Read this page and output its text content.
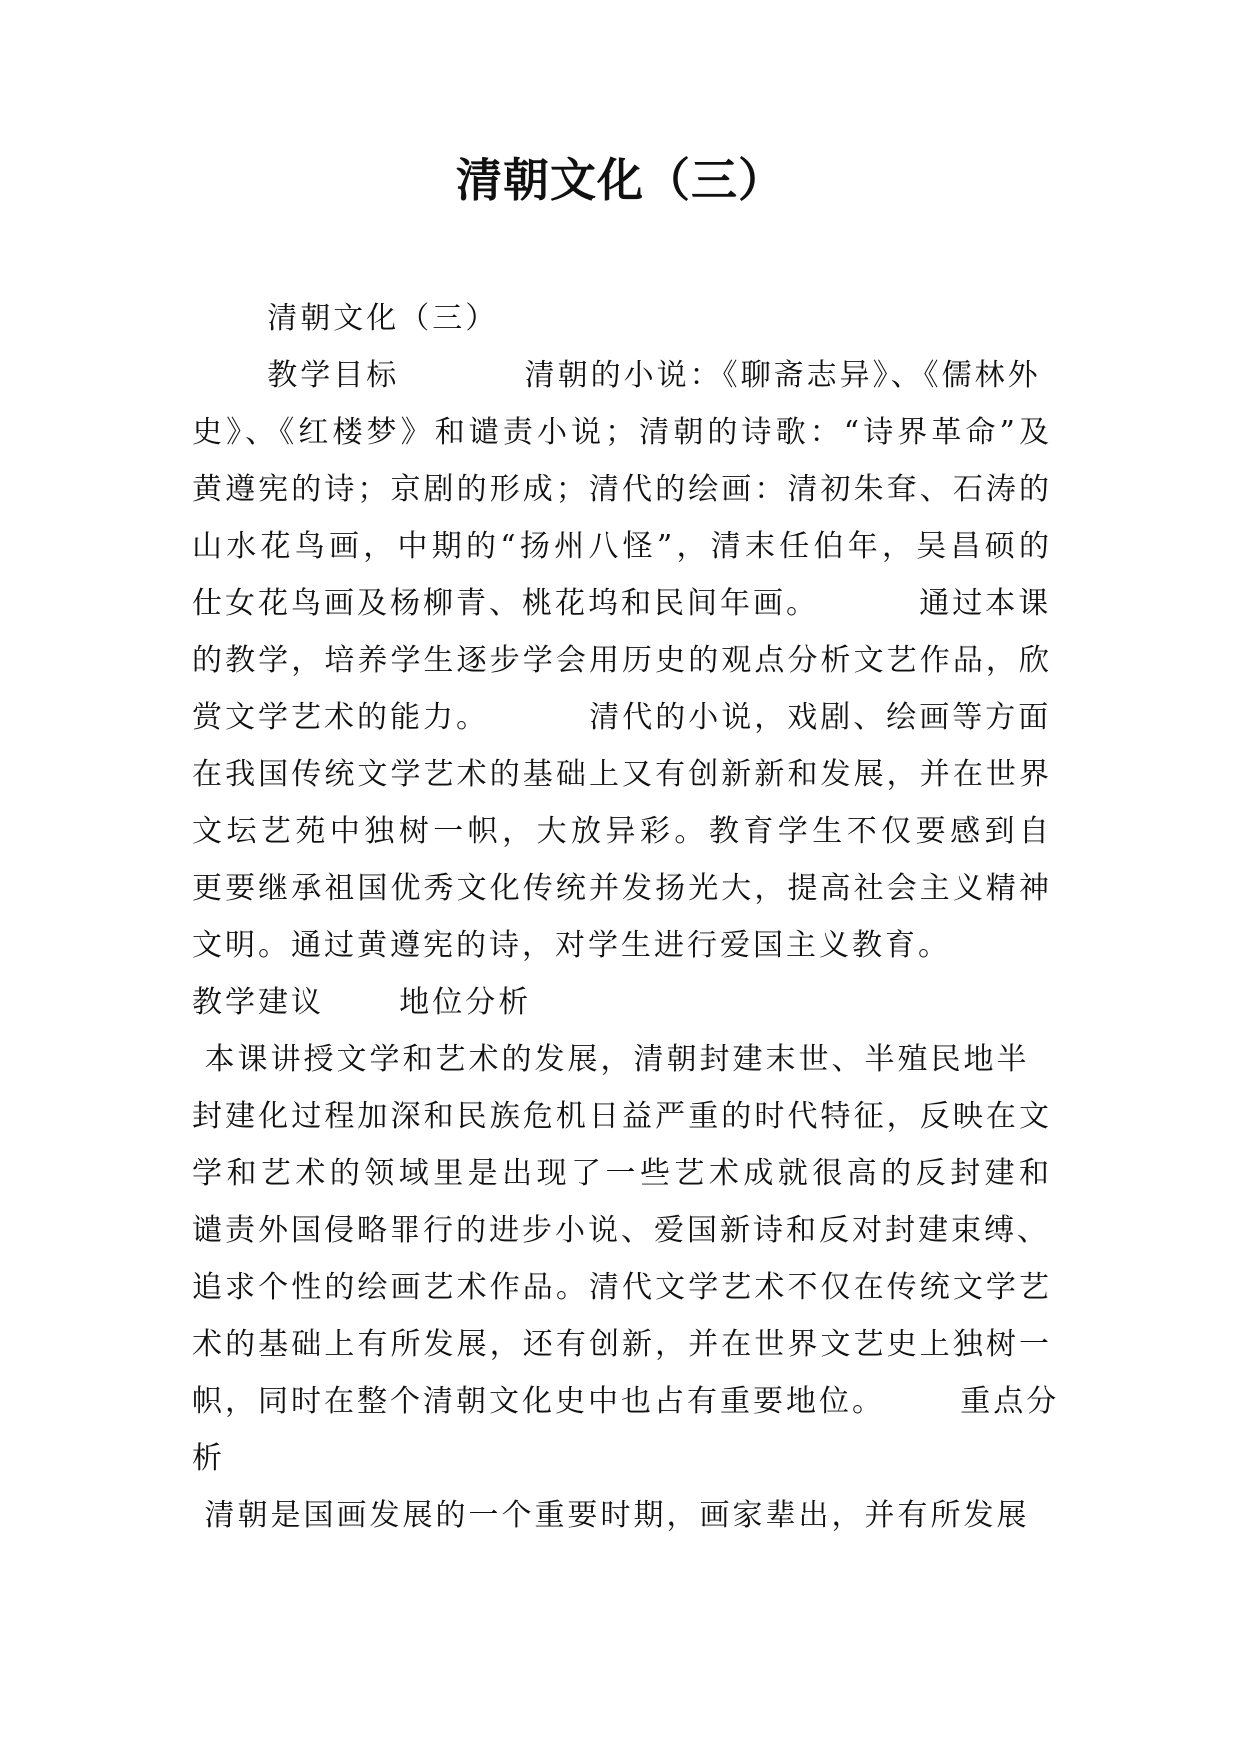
清朝文化（三）
清朝文化（三）
教学目标          清朝的小说：《聊斋志异》、《儒林外
史》、《红楼梦》和谴责小说；清朝的诗歌：“诗界革命”及
黄遵宪的诗；京剧的形成；清代的绘画：清初朱耷、石涛的
山水花鸟画，中期的“扬州八怪”，清末任伯年，吴昌硕的
仕女花鸟画及杨柳青、桃花坞和民间年画。        通过本课
的教学，培养学生逐步学会用历史的观点分析文艺作品，欣
赏文学艺术的能力。        清代的小说，戏剧、绘画等方面
在我国传统文学艺术的基础上又有创新新和发展，并在世界
文坛艺苑中独树一帜，大放异彩。教育学生不仅要感到自
更要继承祖国优秀文化传统并发扬光大，提高社会主义精神
文明。通过黄遵宪的诗，对学生进行爱国主义教育。
教学建议      地位分析
本课讲授文学和艺术的发展，清朝封建末世、半殖民地半
封建化过程加深和民族危机日益严重的时代特征，反映在文
学和艺术的领域里是出现了一些艺术成就很高的反封建和
谴责外国侵略罪行的进步小说、爱国新诗和反对封建束缚、
追求个性的绘画艺术作品。清代文学艺术不仅在传统文学艺
术的基础上有所发展，还有创新，并在世界文艺史上独树一
帜，同时在整个清朝文化史中也占有重要地位。      重点分
析
清朝是国画发展的一个重要时期，画家辈出，并有所发展
